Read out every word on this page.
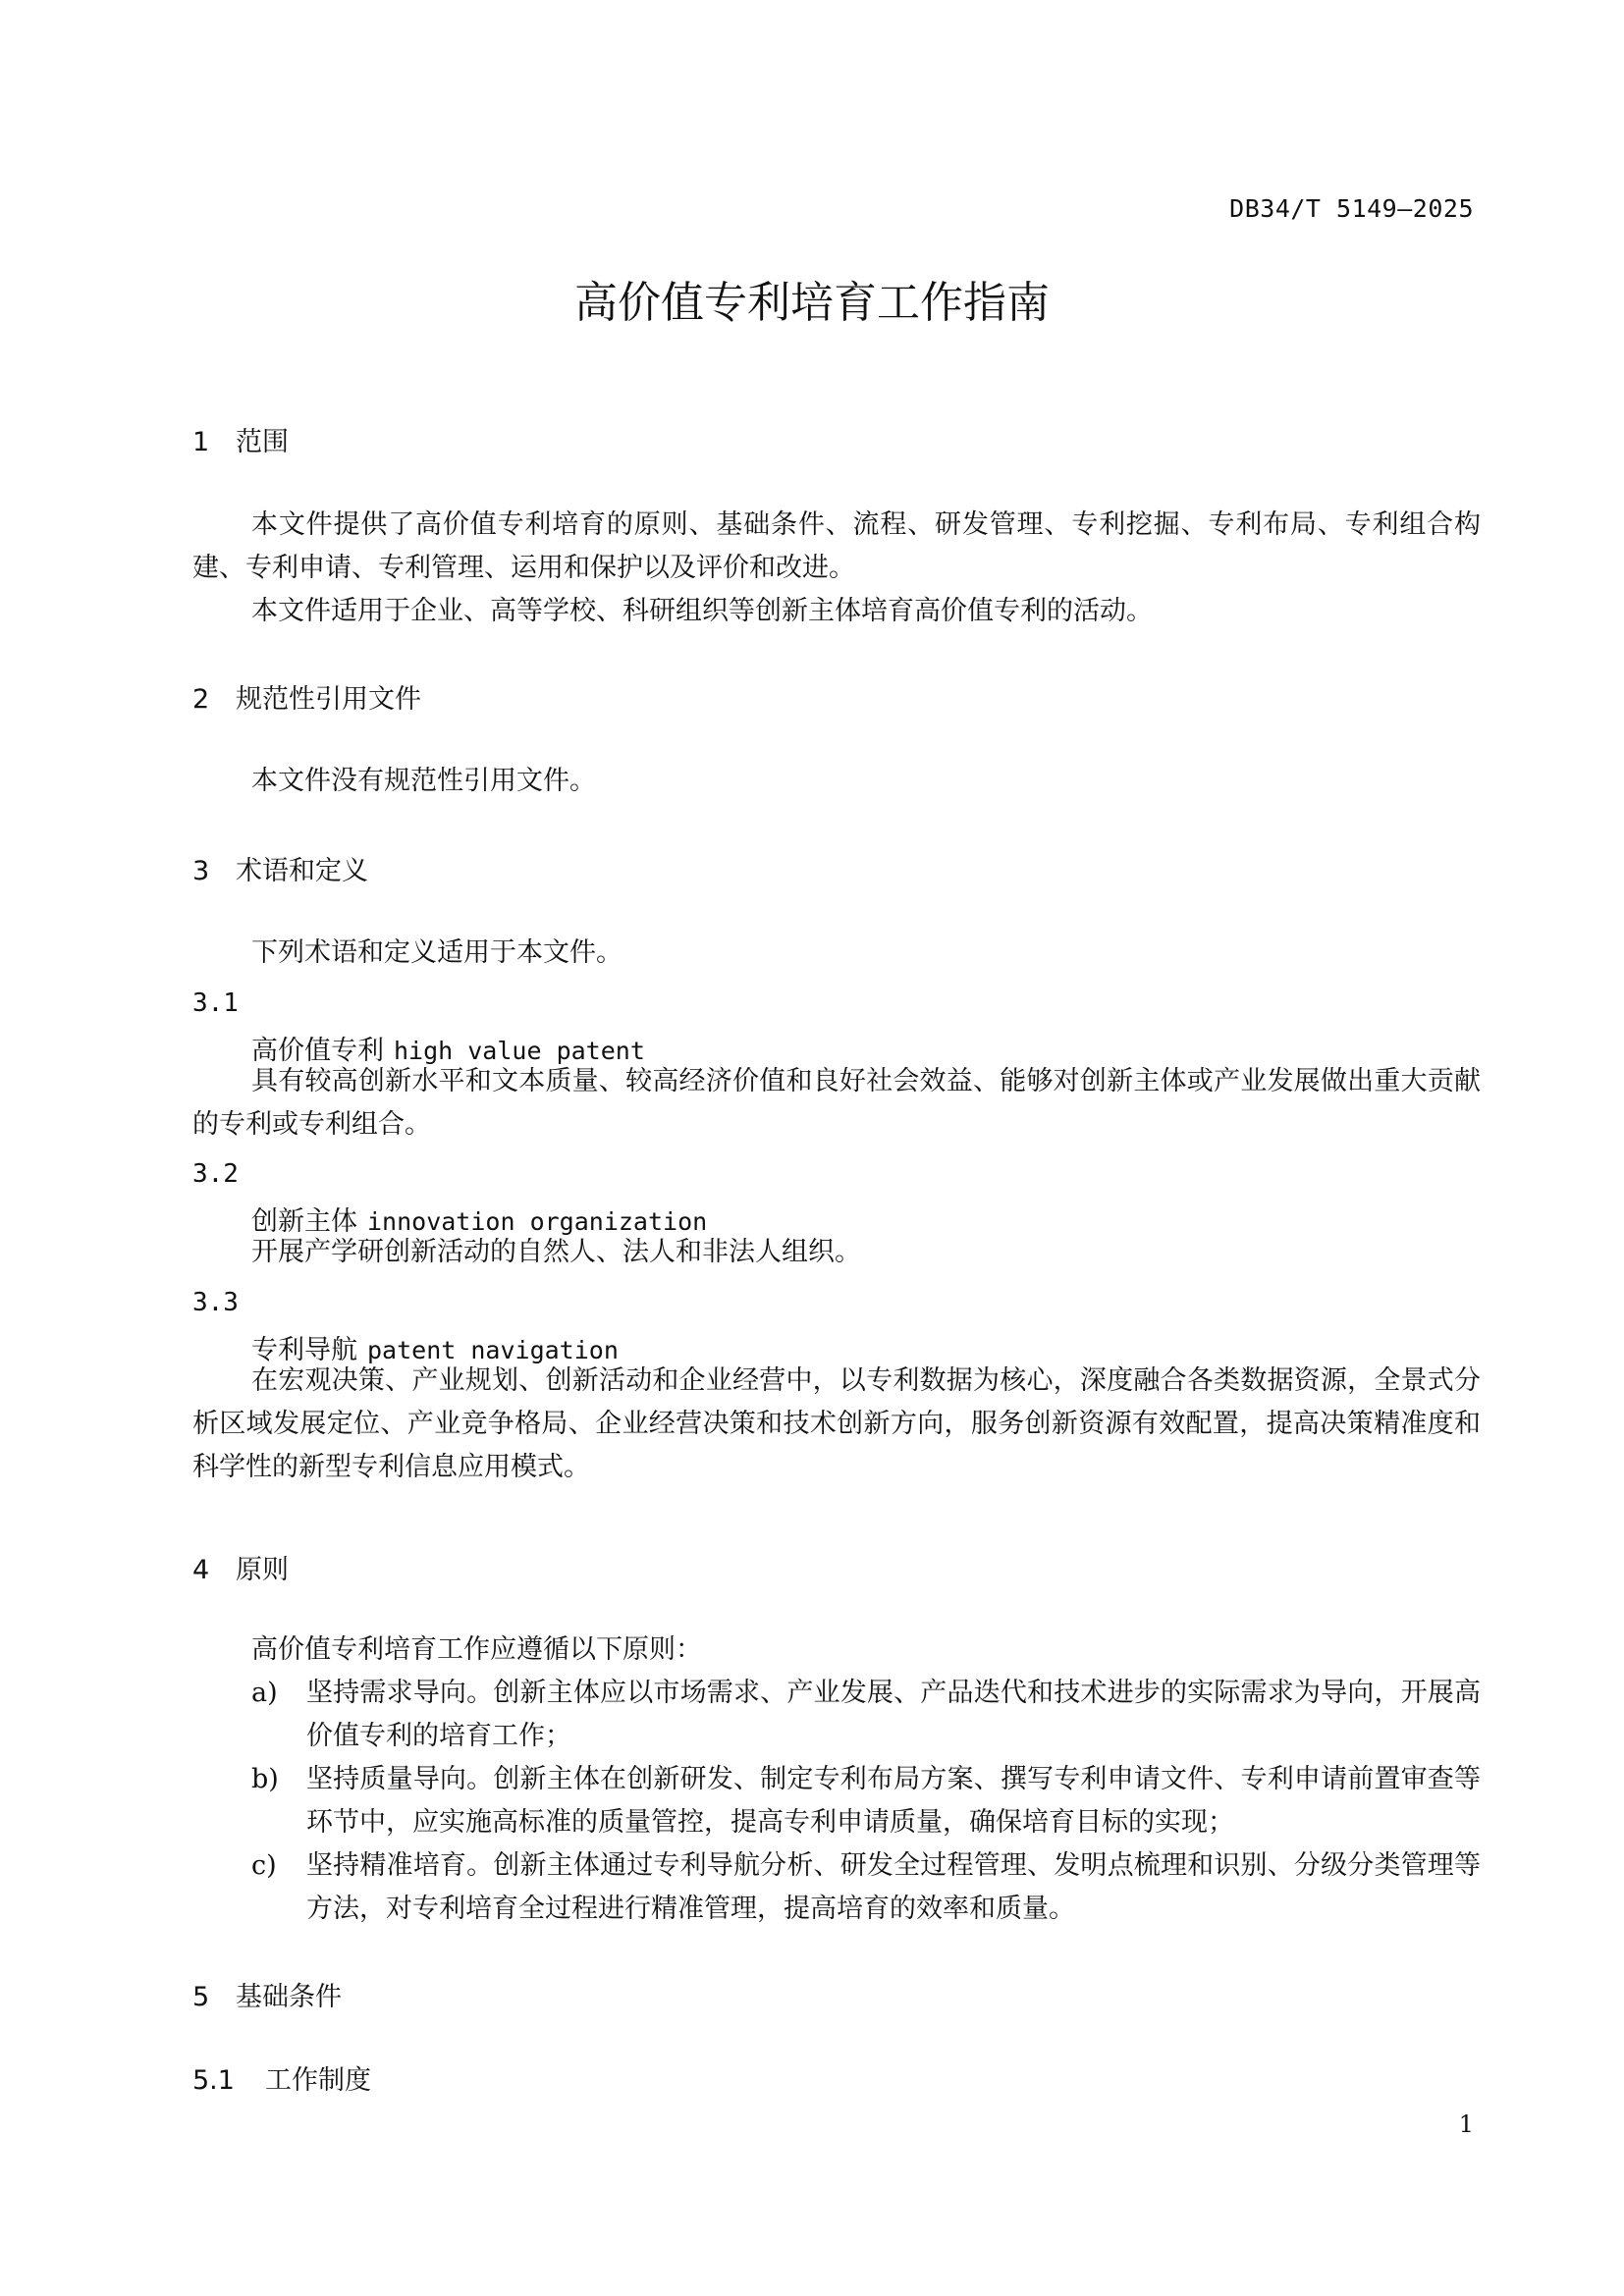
DB34/T 5149—2025
高价值专利培育工作指南
1 范围
本文件提供了高价值专利培育的原则、基础条件、流程、研发管理、专利挖掘、专利布局、专利组合构建、专利申请、专利管理、运用和保护以及评价和改进。
本文件适用于企业、高等学校、科研组织等创新主体培育高价值专利的活动。
2 规范性引用文件
本文件没有规范性引用文件。
3 术语和定义
下列术语和定义适用于本文件。
3.1
高价值专利 high value patent
具有较高创新水平和文本质量、较高经济价值和良好社会效益、能够对创新主体或产业发展做出重大贡献的专利或专利组合。
3.2
创新主体 innovation organization
开展产学研创新活动的自然人、法人和非法人组织。
3.3
专利导航 patent navigation
在宏观决策、产业规划、创新活动和企业经营中，以专利数据为核心，深度融合各类数据资源，全景式分析区域发展定位、产业竞争格局、企业经营决策和技术创新方向，服务创新资源有效配置，提高决策精准度和科学性的新型专利信息应用模式。
4 原则
高价值专利培育工作应遵循以下原则：
a)	坚持需求导向。创新主体应以市场需求、产业发展、产品迭代和技术进步的实际需求为导向，开展高价值专利的培育工作；
b)	坚持质量导向。创新主体在创新研发、制定专利布局方案、撰写专利申请文件、专利申请前置审查等环节中，应实施高标准的质量管控，提高专利申请质量，确保培育目标的实现；
c)	坚持精准培育。创新主体通过专利导航分析、研发全过程管理、发明点梳理和识别、分级分类管理等方法，对专利培育全过程进行精准管理，提高培育的效率和质量。
5 基础条件
5.1 工作制度
1
